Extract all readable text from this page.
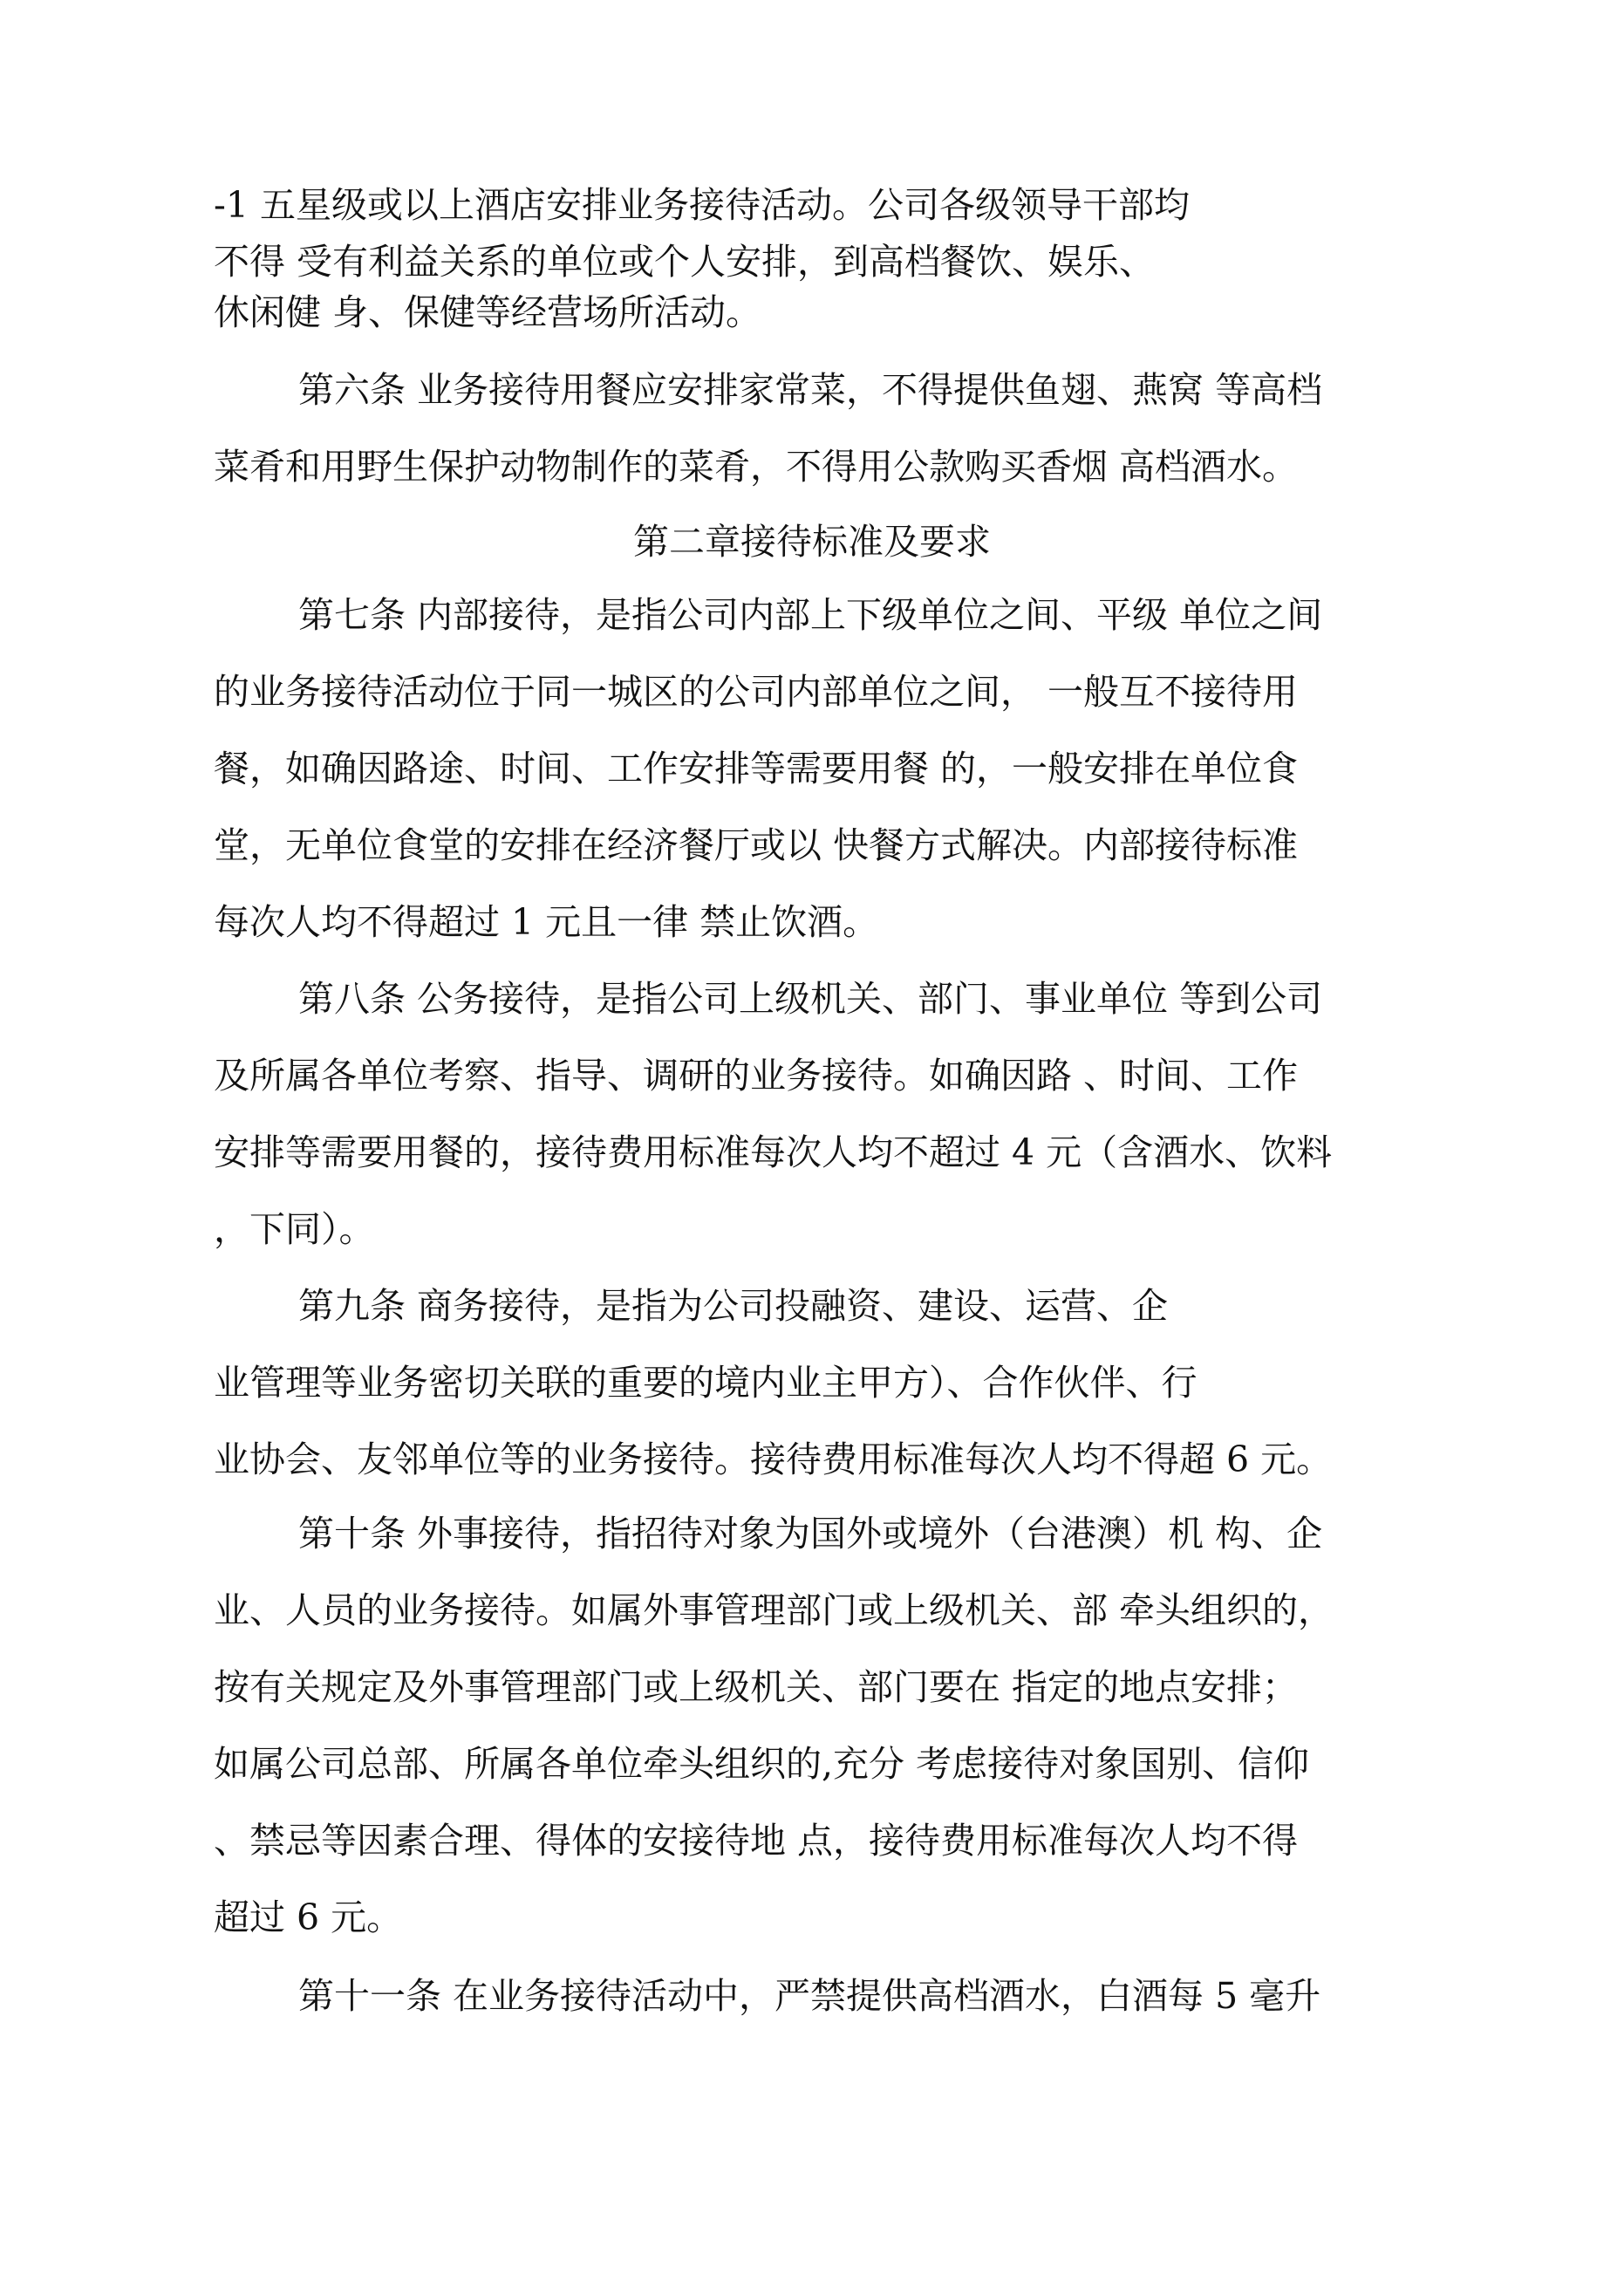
-1 五星级或以上酒店安排业务接待活动。公司各级领导干部均
不得 受有利益关系的单位或个人安排，到高档餐饮、娱乐、
休闲健 身、保健等经营场所活动。
第六条 业务接待用餐应安排家常菜，不得提供鱼翅、燕窝 等高档
菜肴和用野生保护动物制作的菜肴，不得用公款购买香烟 高档酒水。
第二章接待标准及要求
第七条 内部接待，是指公司内部上下级单位之间、平级 单位之间
的业务接待活动位于同一城区的公司内部单位之间， 一般互不接待用
餐，如确因路途、时间、工作安排等需要用餐 的，一般安排在单位食
堂，无单位食堂的安排在经济餐厅或以 快餐方式解决。内部接待标准
每次人均不得超过 1 元且一律 禁止饮酒。
第八条 公务接待，是指公司上级机关、部门、事业单位 等到公司
及所属各单位考察、指导、调研的业务接待。如确因路 、时间、工作
安排等需要用餐的，接待费用标准每次人均不超过 4 元（含酒水、饮料
，下同）。
第九条 商务接待，是指为公司投融资、建设、运营、企
业管理等业务密切关联的重要的境内业主甲方）、合作伙伴、行
业协会、友邻单位等的业务接待。接待费用标准每次人均不得超 6 元。
第十条 外事接待，指招待对象为国外或境外（台港澳）机 构、企
业、人员的业务接待。如属外事管理部门或上级机关、部 牵头组织的，
按有关规定及外事管理部门或上级机关、部门要在 指定的地点安排；
如属公司总部、所属各单位牵头组织的,充分 考虑接待对象国别、信仰
、禁忌等因素合理、得体的安接待地 点，接待费用标准每次人均不得
超过 6 元。
第十一条 在业务接待活动中，严禁提供高档酒水，白酒每 5 毫升
